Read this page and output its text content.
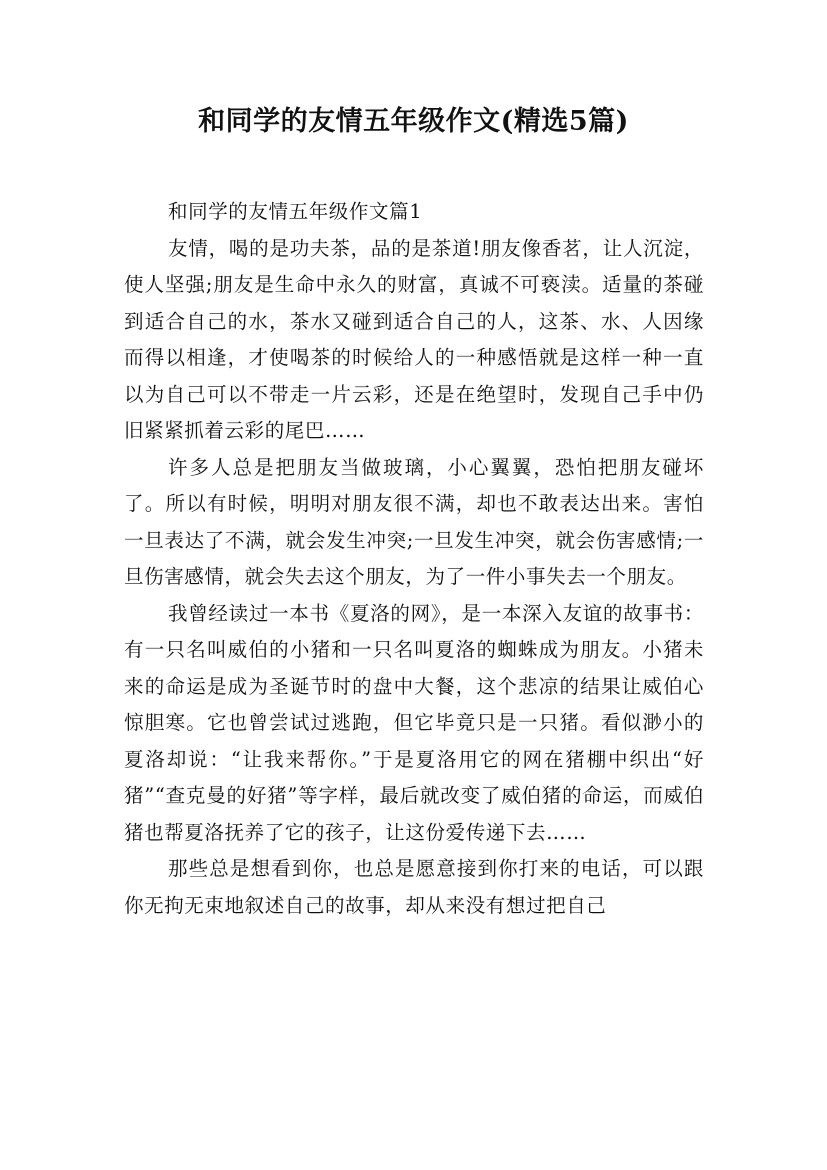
和同学的友情五年级作文(精选5篇)
和同学的友情五年级作文篇1

友情，喝的是功夫茶，品的是茶道!朋友像香茗，让人沉淀，使人坚强;朋友是生命中永久的财富，真诚不可亵渎。适量的茶碰到适合自己的水，茶水又碰到适合自己的人，这茶、水、人因缘而得以相逢，才使喝茶的时候给人的一种感悟就是这样一种一直以为自己可以不带走一片云彩，还是在绝望时，发现自己手中仍旧紧紧抓着云彩的尾巴……

许多人总是把朋友当做玻璃，小心翼翼，恐怕把朋友碰坏了。所以有时候，明明对朋友很不满，却也不敢表达出来。害怕一旦表达了不满，就会发生冲突;一旦发生冲突，就会伤害感情;一旦伤害感情，就会失去这个朋友，为了一件小事失去一个朋友。

我曾经读过一本书《夏洛的网》，是一本深入友谊的故事书：有一只名叫威伯的小猪和一只名叫夏洛的蜘蛛成为朋友。小猪未来的命运是成为圣诞节时的盘中大餐，这个悲凉的结果让威伯心惊胆寒。它也曾尝试过逃跑，但它毕竟只是一只猪。看似渺小的夏洛却说：“让我来帮你。”于是夏洛用它的网在猪棚中织出“好猪”“查克曼的好猪”等字样，最后就改变了威伯猪的命运，而威伯猪也帮夏洛抚养了它的孩子，让这份爱传递下去……

那些总是想看到你，也总是愿意接到你打来的电话，可以跟你无拘无束地叙述自己的故事，却从来没有想过把自己
